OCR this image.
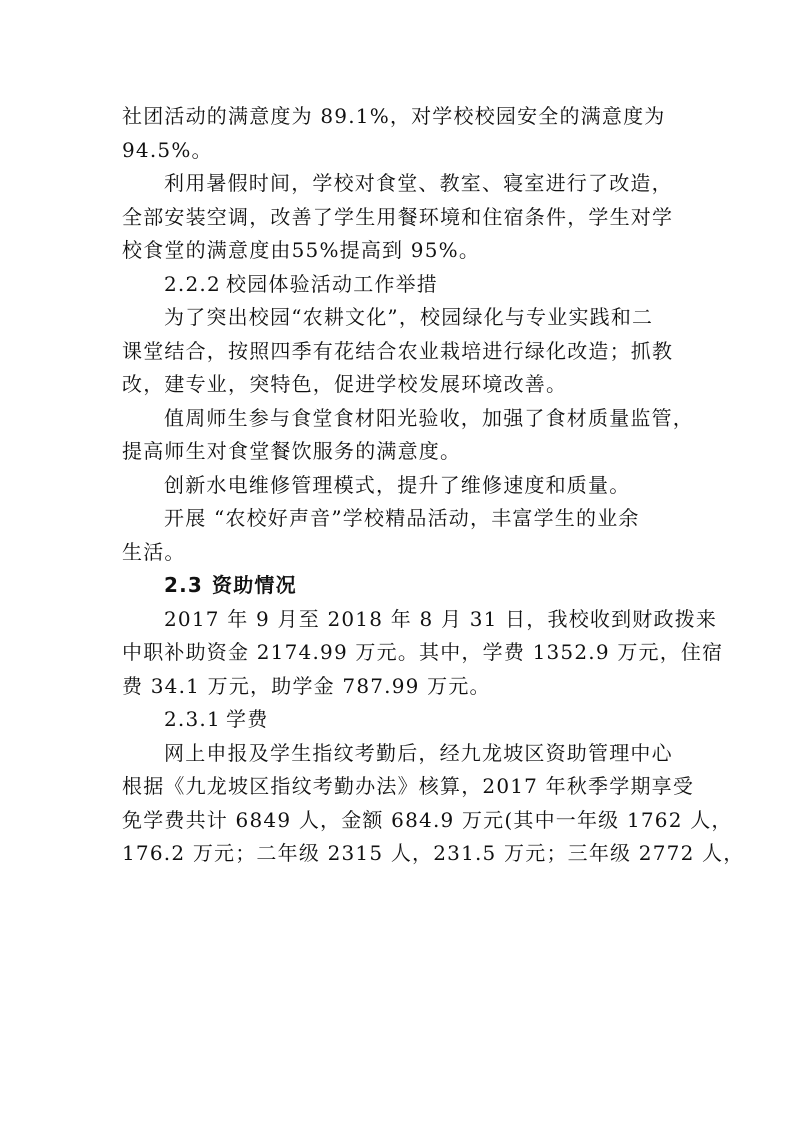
社团活动的满意度为 89.1%，对学校校园安全的满意度为
94.5%。
利用暑假时间，学校对食堂、教室、寝室进行了改造，
全部安装空调，改善了学生用餐环境和住宿条件，学生对学
校食堂的满意度由55%提高到 95%。
2.2.2 校园体验活动工作举措
为了突出校园“农耕文化”，校园绿化与专业实践和二
课堂结合，按照四季有花结合农业栽培进行绿化改造；抓教
改，建专业，突特色，促进学校发展环境改善。
值周师生参与食堂食材阳光验收，加强了食材质量监管，
提高师生对食堂餐饮服务的满意度。
创新水电维修管理模式，提升了维修速度和质量。
开展 “农校好声音”学校精品活动，丰富学生的业余
生活。
2.3 资助情况
2017 年 9 月至 2018 年 8 月 31 日，我校收到财政拨来
中职补助资金 2174.99 万元。其中，学费 1352.9 万元，住宿
费 34.1 万元，助学金 787.99 万元。
2.3.1 学费
网上申报及学生指纹考勤后，经九龙坡区资助管理中心
根据《九龙坡区指纹考勤办法》核算，2017 年秋季学期享受
免学费共计 6849 人，金额 684.9 万元(其中一年级 1762 人，
176.2 万元；二年级 2315 人，231.5 万元；三年级 2772 人，
